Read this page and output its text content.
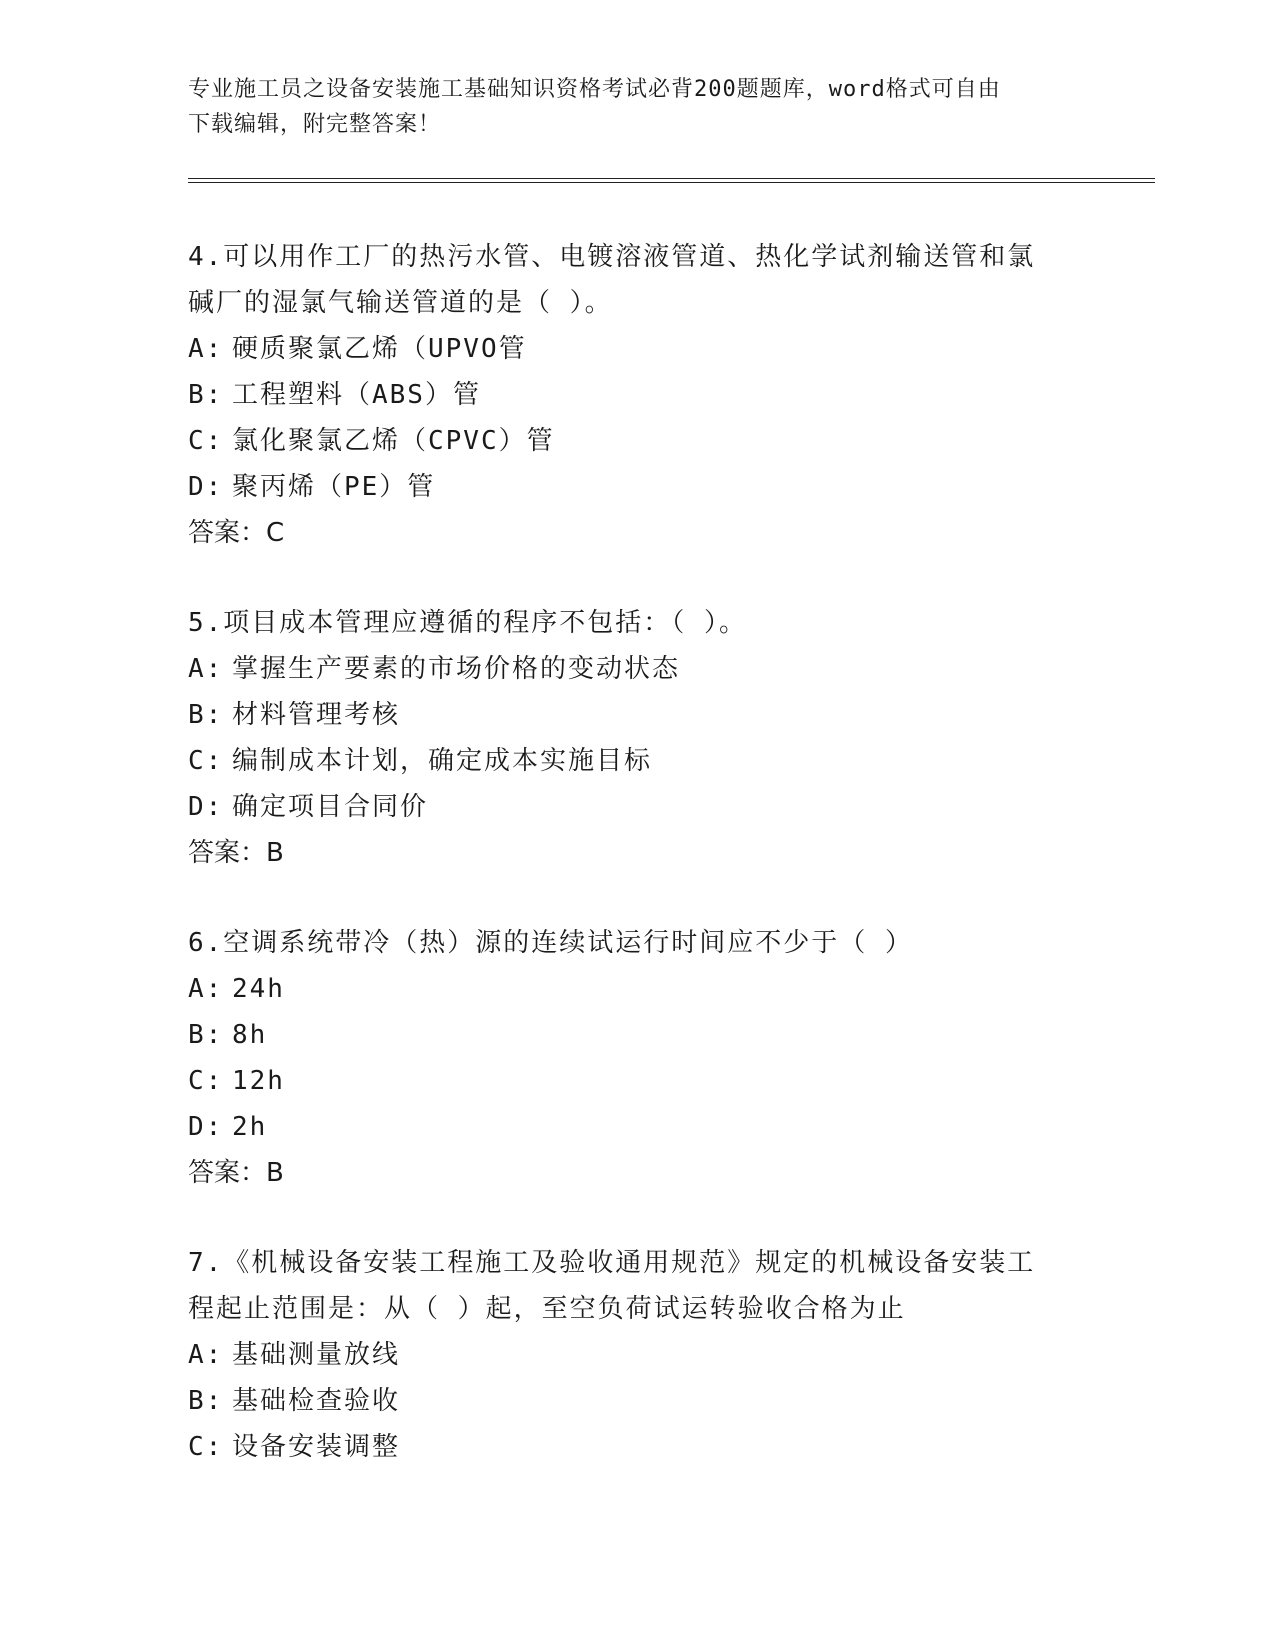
专业施工员之设备安装施工基础知识资格考试必背200题题库，word格式可自由
下载编辑，附完整答案！
4.可以用作工厂的热污水管、电镀溶液管道、热化学试剂输送管和氯
碱厂的湿氯气输送管道的是（ ）。
A: 硬质聚氯乙烯（UPVO管
B: 工程塑料（ABS）管
C: 氯化聚氯乙烯（CPVC）管
D: 聚丙烯（PE）管
答案：C
5.项目成本管理应遵循的程序不包括：（ ）。
A: 掌握生产要素的市场价格的变动状态
B: 材料管理考核
C: 编制成本计划，确定成本实施目标
D: 确定项目合同价
答案：B
6.空调系统带冷（热）源的连续试运行时间应不少于（ ）
A: 24h
B: 8h
C: 12h
D: 2h
答案：B
7.《机械设备安装工程施工及验收通用规范》规定的机械设备安装工
程起止范围是：从（ ）起，至空负荷试运转验收合格为止
A: 基础测量放线
B: 基础检查验收
C: 设备安装调整
